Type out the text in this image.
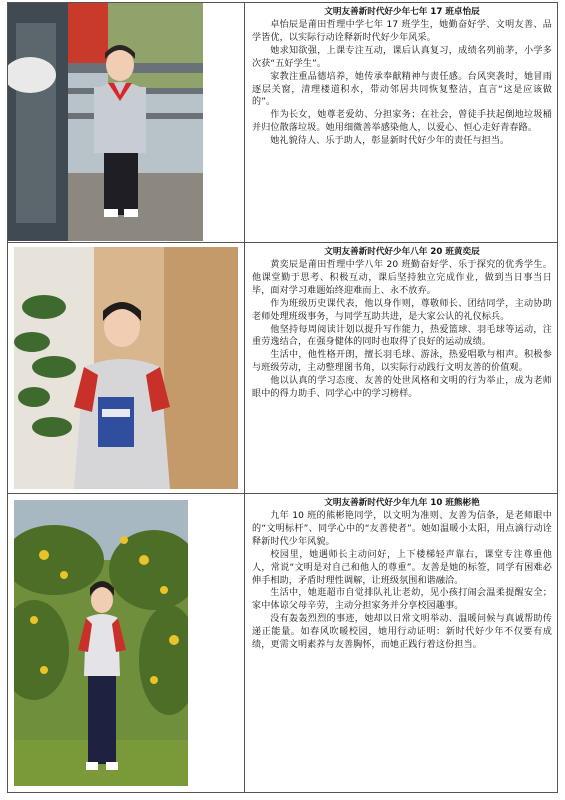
文明友善新时代好少年七年 17 班卓怡辰

卓怡辰是莆田哲理中学七年 17 班学生，她勤奋好学、文明友善、品学皆优，以实际行动诠释新时代好少年风采。

她求知欲强，上课专注互动，课后认真复习，成绩名列前茅，小学多次获“五好学生”。

家教注重品德培养，她传承奉献精神与责任感。台风突袭时，她冒雨逐层关窗，清理楼道积水，带动邻居共同恢复整洁，直言“这是应该做的”。

作为长女，她尊老爱幼、分担家务；在社会，曾徒手扶起倒地垃圾桶并归位散落垃圾。她用细微善举感染他人，以爱心、恒心走好青春路。

她礼貌待人、乐于助人，彰显新时代好少年的责任与担当。

文明友善新时代好少年八年 20 班黄奕辰

黄奕辰是莆田哲理中学八年 20 班勤奋好学、乐于探究的优秀学生。他课堂勤于思考、积极互动，课后坚持独立完成作业，做到当日事当日毕，面对学习难题始终迎难而上、永不放弃。

作为班级历史课代表，他以身作则，尊敬师长、团结同学，主动协助老师处理班级事务，与同学互助共进，是大家公认的礼仪标兵。

他坚持每周阅读计划以提升写作能力，热爱篮球、羽毛球等运动，注重劳逸结合，在强身健体的同时也取得了良好的运动成绩。

生活中，他性格开朗，擅长羽毛球、游泳，热爱唱歌与相声。积极参与班级劳动，主动整理图书角，以实际行动践行文明友善的价值观。

他以认真的学习态度、友善的处世风格和文明的行为举止，成为老师眼中的得力助手、同学心中的学习榜样。

文明友善新时代好少年九年 10 班熊彬艳

九年 10 班的熊彬艳同学，以文明为准则、友善为信条，是老师眼中的“文明标杆”、同学心中的“友善使者”。她如温暖小太阳，用点滴行动诠释新时代少年风貌。

校园里，她遇师长主动问好，上下楼梯轻声靠右，课堂专注尊重他人，常说“文明是对自己和他人的尊重”。友善是她的标签，同学有困难必伸手相助，矛盾时理性调解，让班级氛围和谐融洽。

生活中，她逛超市自觉排队礼让老幼，见小孩打闹会温柔提醒安全；家中体谅父母辛劳，主动分担家务并分享校园趣事。

没有轰轰烈烈的事迹，她却以日常文明举动、温暖问候与真诚帮助传递正能量。如春风吹暖校园，她用行动证明：新时代好少年不仅要有成绩，更需文明素养与友善胸怀，而她正践行着这份担当。
